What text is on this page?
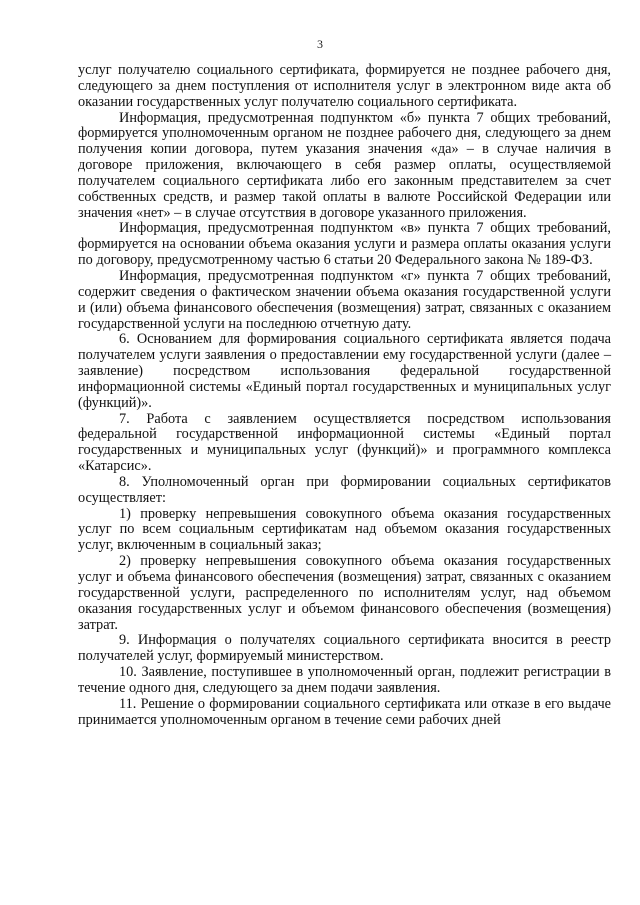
3

услуг получателю социального сертификата, формируется не позднее рабочего дня, следующего за днем поступления от исполнителя услуг в электронном виде акта об оказании государственных услуг получателю социального сертификата.

Информация, предусмотренная подпунктом «б» пункта 7 общих требований, формируется уполномоченным органом не позднее рабочего дня, следующего за днем получения копии договора, путем указания значения «да» – в случае наличия в договоре приложения, включающего в себя размер оплаты, осуществляемой получателем социального сертификата либо его законным представителем за счет собственных средств, и размер такой оплаты в валюте Российской Федерации или значения «нет» – в случае отсутствия в договоре указанного приложения.

Информация, предусмотренная подпунктом «в» пункта 7 общих требований, формируется на основании объема оказания услуги и размера оплаты оказания услуги по договору, предусмотренному частью 6 статьи 20 Федерального закона № 189-ФЗ.

Информация, предусмотренная подпунктом «г» пункта 7 общих требований, содержит сведения о фактическом значении объема оказания государственной услуги и (или) объема финансового обеспечения (возмещения) затрат, связанных с оказанием государственной услуги на последнюю отчетную дату.

6. Основанием для формирования социального сертификата является подача получателем услуги заявления о предоставлении ему государственной услуги (далее – заявление) посредством использования федеральной государственной информационной системы «Единый портал государственных и муниципальных услуг (функций)».

7. Работа с заявлением осуществляется посредством использования федеральной государственной информационной системы «Единый портал государственных и муниципальных услуг (функций)» и программного комплекса «Катарсис».

8. Уполномоченный орган при формировании социальных сертификатов осуществляет:

1) проверку непревышения совокупного объема оказания государственных услуг по всем социальным сертификатам над объемом оказания государственных услуг, включенным в социальный заказ;

2) проверку непревышения совокупного объема оказания государственных услуг и объема финансового обеспечения (возмещения) затрат, связанных с оказанием государственной услуги, распределенного по исполнителям услуг, над объемом оказания государственных услуг и объемом финансового обеспечения (возмещения) затрат.

9. Информация о получателях социального сертификата вносится в реестр получателей услуг, формируемый министерством.

10. Заявление, поступившее в уполномоченный орган, подлежит регистрации в течение одного дня, следующего за днем подачи заявления.

11. Решение о формировании социального сертификата или отказе в его выдаче принимается уполномоченным органом в течение семи рабочих дней
